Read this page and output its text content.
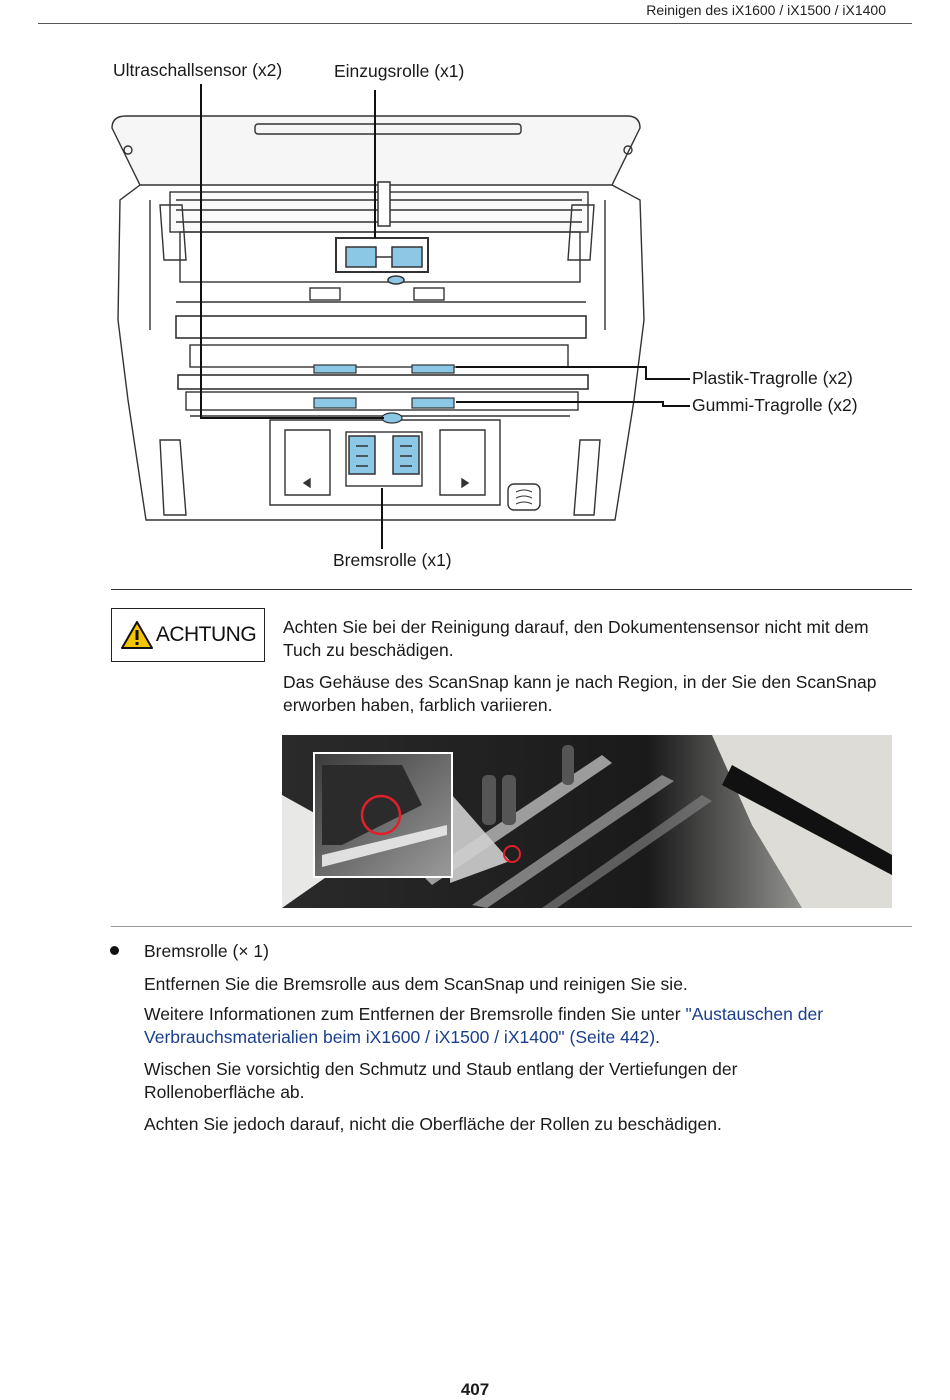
Reinigen des iX1600 / iX1500 / iX1400
Ultraschallsensor (x2)	Einzugsrolle (x1)
Plastik-Tragrolle (x2)
Gummi-Tragrolle (x2)
Bremsrolle (x1)
ACHTUNG Achten Sie bei der Reinigung darauf, den Dokumentensensor nicht mit dem Tuch zu beschädigen.
Das Gehäuse des ScanSnap kann je nach Region, in der Sie den ScanSnap erworben haben, farblich variieren.
Bremsrolle (× 1)
Entfernen Sie die Bremsrolle aus dem ScanSnap und reinigen Sie sie.
Weitere Informationen zum Entfernen der Bremsrolle finden Sie unter "Austauschen der Verbrauchsmaterialien beim iX1600 / iX1500 / iX1400" (Seite 442).
Wischen Sie vorsichtig den Schmutz und Staub entlang der Vertiefungen der Rollenoberfläche ab.
Achten Sie jedoch darauf, nicht die Oberfläche der Rollen zu beschädigen.
407
